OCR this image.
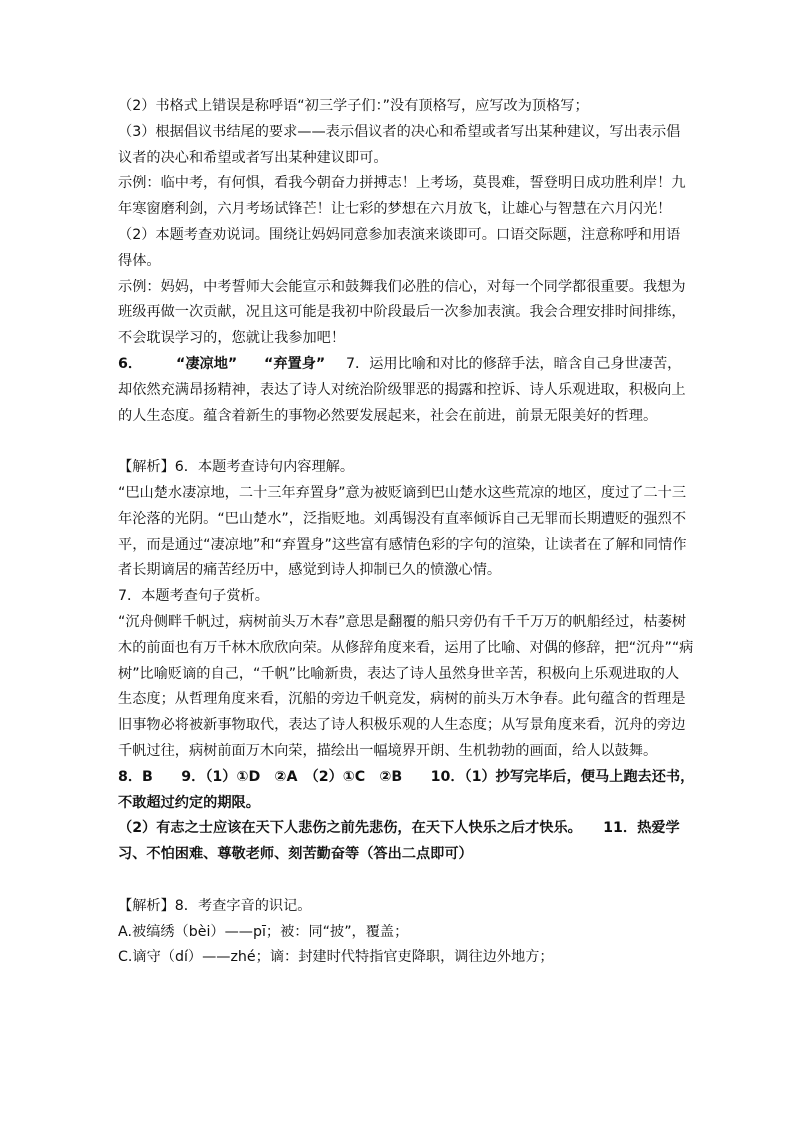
（2）书格式上错误是称呼语“初三学子们：”没有顶格写，应写改为顶格写；
（3）根据倡议书结尾的要求——表示倡议者的决心和希望或者写出某种建议，写出表示倡
议者的决心和希望或者写出某种建议即可。
示例：临中考，有何惧，看我今朝奋力拼搏志！上考场，莫畏难，誓登明日成功胜利岸！九
年寒窗磨利剑，六月考场试锋芒！让七彩的梦想在六月放飞，让雄心与智慧在六月闪光！
（2）本题考查劝说词。围绕让妈妈同意参加表演来谈即可。口语交际题，注意称呼和用语
得体。
示例：妈妈，中考誓师大会能宣示和鼓舞我们必胜的信心，对每一个同学都很重要。我想为
班级再做一次贡献，况且这可能是我初中阶段最后一次参加表演。我会合理安排时间排练，
不会耽误学习的，您就让我参加吧！
6． “凄凉地” “弃置身” 7．运用比喻和对比的修辞手法，暗含自己身世凄苦，
却依然充满昂扬精神，表达了诗人对统治阶级罪恶的揭露和控诉、诗人乐观进取，积极向上
的人生态度。蕴含着新生的事物必然要发展起来，社会在前进，前景无限美好的哲理。
【解析】6．本题考查诗句内容理解。
“巴山楚水凄凉地，二十三年弃置身”意为被贬谪到巴山楚水这些荒凉的地区，度过了二十三
年沦落的光阴。“巴山楚水”，泛指贬地。刘禹锡没有直率倾诉自己无罪而长期遭贬的强烈不
平，而是通过“凄凉地”和“弃置身”这些富有感情色彩的字句的渲染，让读者在了解和同情作
者长期谪居的痛苦经历中，感觉到诗人抑制已久的愤激心情。
7．本题考查句子赏析。
“沉舟侧畔千帆过，病树前头万木春”意思是翻覆的船只旁仍有千千万万的帆船经过，枯萎树
木的前面也有万千林木欣欣向荣。从修辞角度来看，运用了比喻、对偶的修辞，把“沉舟”“病
树”比喻贬谪的自己，“千帆”比喻新贵，表达了诗人虽然身世辛苦，积极向上乐观进取的人
生态度；从哲理角度来看，沉船的旁边千帆竞发，病树的前头万木争春。此句蕴含的哲理是
旧事物必将被新事物取代，表达了诗人积极乐观的人生态度；从写景角度来看，沉舟的旁边
千帆过往，病树前面万木向荣，描绘出一幅境界开朗、生机勃勃的画面，给人以鼓舞。
8．B　　9．（1）①D　②A　（2）①C　②B　　10．（1）抄写完毕后，便马上跑去还书，
不敢超过约定的期限。
（2）有志之士应该在天下人悲伤之前先悲伤，在天下人快乐之后才快乐。　　11．热爱学
习、不怕困难、尊敬老师、刻苦勤奋等（答出二点即可）
【解析】8．考查字音的识记。
A.被缟绣（bèi）——pī；被：同“披”，覆盖；
C.谪守（dí）——zhé；谪：封建时代特指官吏降职，调往边外地方；
